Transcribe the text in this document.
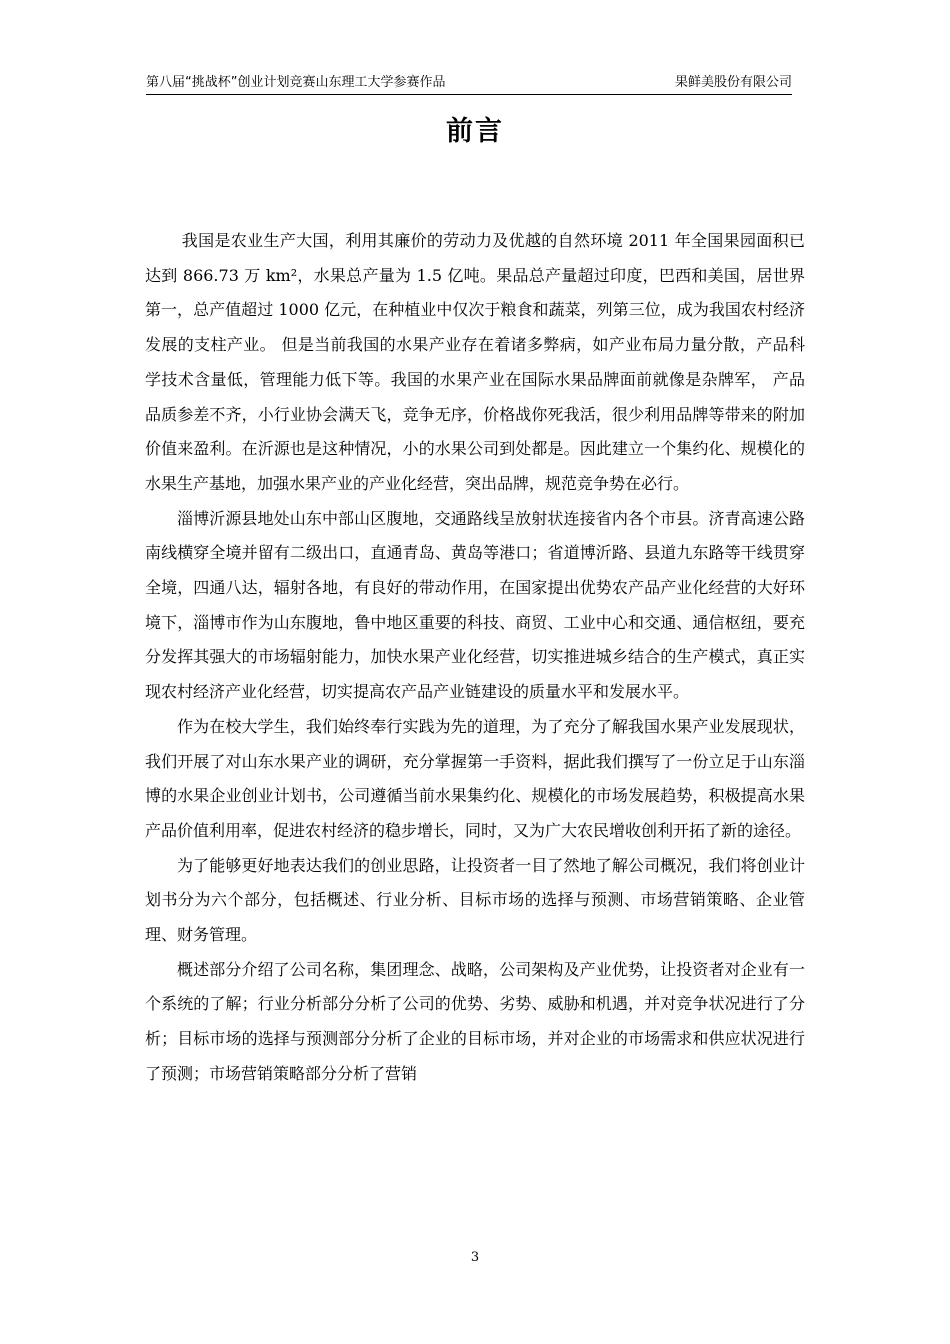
第八届“挑战杯”创业计划竞赛山东理工大学参赛作品	果鲜美股份有限公司
前言

我国是农业生产大国，利用其廉价的劳动力及优越的自然环境 2011 年全国果园面积已达到 866.73 万 km²，水果总产量为 1.5 亿吨。果品总产量超过印度，巴西和美国，居世界第一，总产值超过 1000 亿元，在种植业中仅次于粮食和蔬菜，列第三位，成为我国农村经济发展的支柱产业。 但是当前我国的水果产业存在着诸多弊病，如产业布局力量分散，产品科学技术含量低，管理能力低下等。我国的水果产业在国际水果品牌面前就像是杂牌军， 产品品质参差不齐，小行业协会满天飞，竞争无序，价格战你死我活，很少利用品牌等带来的附加价值来盈利。在沂源也是这种情况，小的水果公司到处都是。因此建立一个集约化、规模化的水果生产基地，加强水果产业的产业化经营，突出品牌，规范竞争势在必行。

淄博沂源县地处山东中部山区腹地，交通路线呈放射状连接省内各个市县。济青高速公路南线横穿全境并留有二级出口，直通青岛、黄岛等港口；省道博沂路、县道九东路等干线贯穿全境，四通八达，辐射各地，有良好的带动作用，在国家提出优势农产品产业化经营的大好环境下，淄博市作为山东腹地，鲁中地区重要的科技、商贸、工业中心和交通、通信枢纽，要充分发挥其强大的市场辐射能力，加快水果产业化经营，切实推进城乡结合的生产模式，真正实现农村经济产业化经营，切实提高农产品产业链建设的质量水平和发展水平。

作为在校大学生，我们始终奉行实践为先的道理，为了充分了解我国水果产业发展现状，我们开展了对山东水果产业的调研，充分掌握第一手资料，据此我们撰写了一份立足于山东淄博的水果企业创业计划书，公司遵循当前水果集约化、规模化的市场发展趋势，积极提高水果产品价值利用率，促进农村经济的稳步增长，同时，又为广大农民增收创利开拓了新的途径。

为了能够更好地表达我们的创业思路，让投资者一目了然地了解公司概况，我们将创业计划书分为六个部分，包括概述、行业分析、目标市场的选择与预测、市场营销策略、企业管理、财务管理。

概述部分介绍了公司名称，集团理念、战略，公司架构及产业优势，让投资者对企业有一个系统的了解；行业分析部分分析了公司的优势、劣势、威胁和机遇，并对竞争状况进行了分析；目标市场的选择与预测部分分析了企业的目标市场，并对企业的市场需求和供应状况进行了预测；市场营销策略部分分析了营销

3
